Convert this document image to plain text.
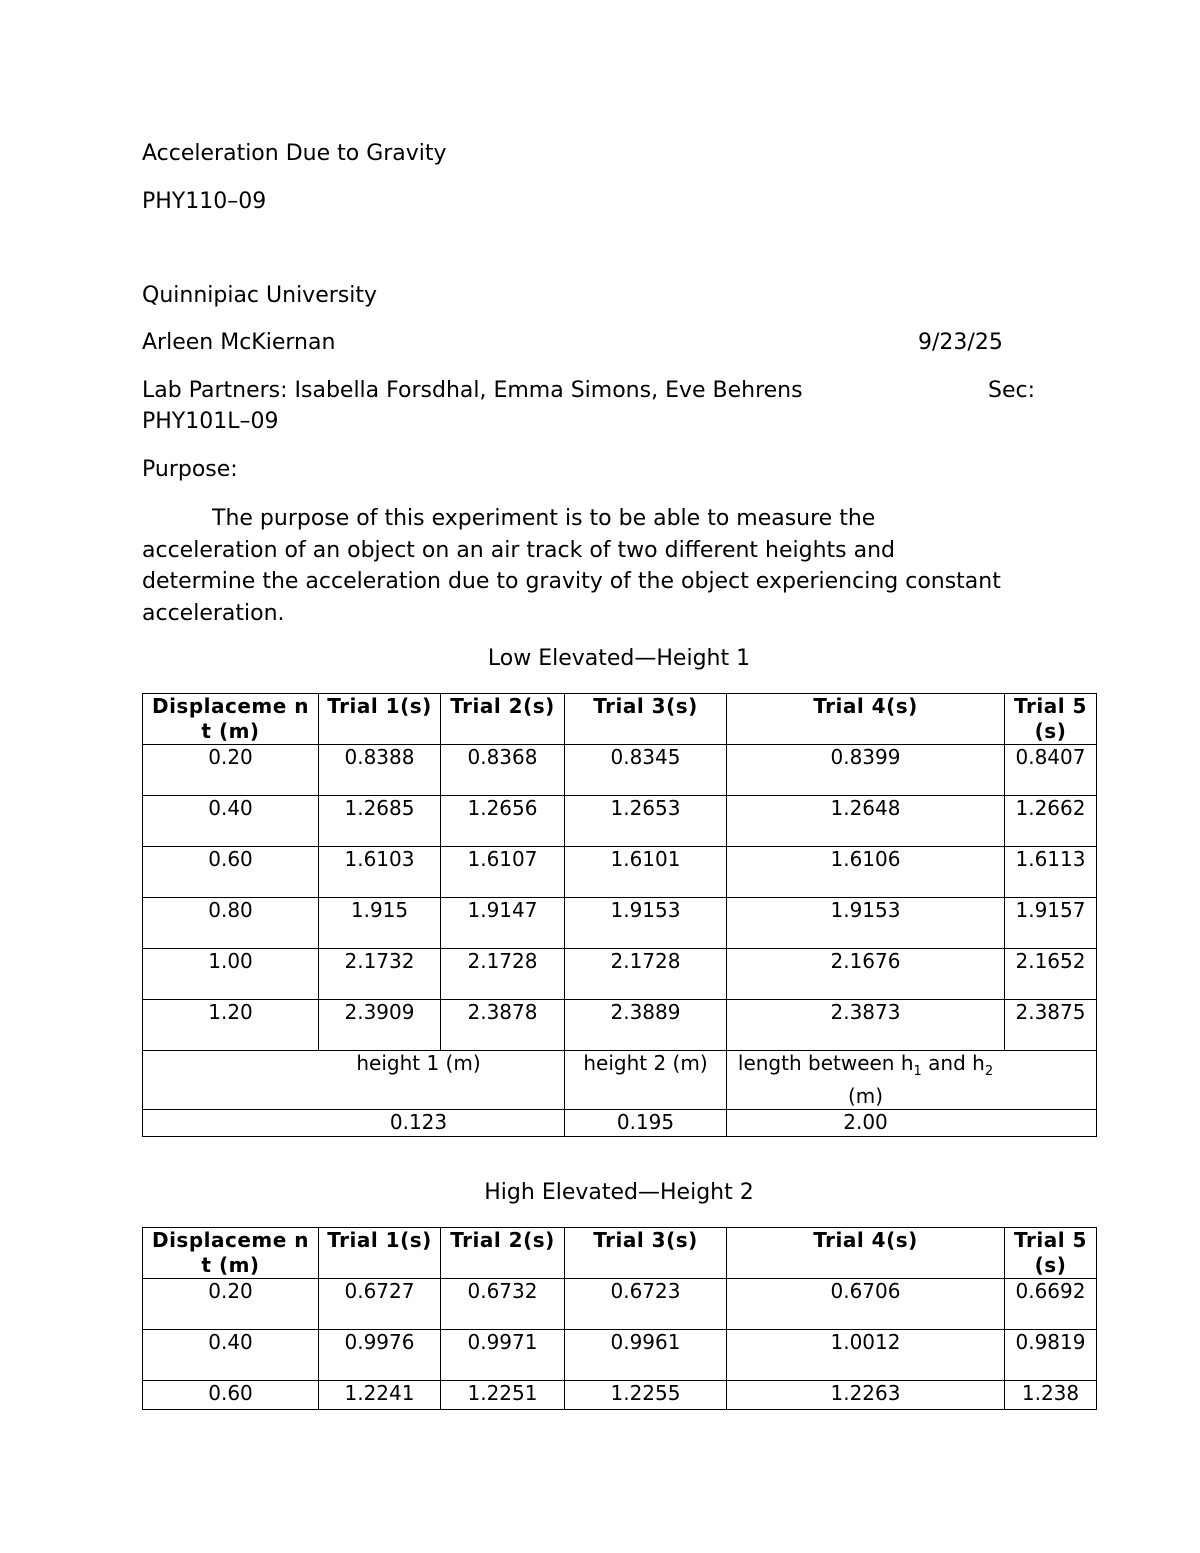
Acceleration Due to Gravity
PHY110–09
Quinnipiac University
Arleen McKiernan	9/23/25
Lab Partners: Isabella Forsdhal, Emma Simons, Eve Behrens	Sec:
PHY101L–09
Purpose:
The purpose of this experiment is to be able to measure the acceleration of an object on an air track of two different heights and determine the acceleration due to gravity of the object experiencing constant acceleration.
Low Elevated—Height 1
Displaceme nt (m)	Trial 1(s)	Trial 2(s)	Trial 3(s)	Trial 4(s)	Trial 5(s)
0.20	0.8388	0.8368	0.8345	0.8399	0.8407
0.40	1.2685	1.2656	1.2653	1.2648	1.2662
0.60	1.6103	1.6107	1.6101	1.6106	1.6113
0.80	1.915	1.9147	1.9153	1.9153	1.9157
1.00	2.1732	2.1728	2.1728	2.1676	2.1652
1.20	2.3909	2.3878	2.3889	2.3873	2.3875
height 1 (m)			height 2 (m)	length between $h_1$ and $h_2$ (m)	
0.123			0.195	2.00	
High Elevated—Height 2
Displaceme nt (m)	Trial 1(s)	Trial 2(s)	Trial 3(s)	Trial 4(s)	Trial 5(s)
0.20	0.6727	0.6732	0.6723	0.6706	0.6692
0.40	0.9976	0.9971	0.9961	1.0012	0.9819
0.60	1.2241	1.2251	1.2255	1.2263	1.238
